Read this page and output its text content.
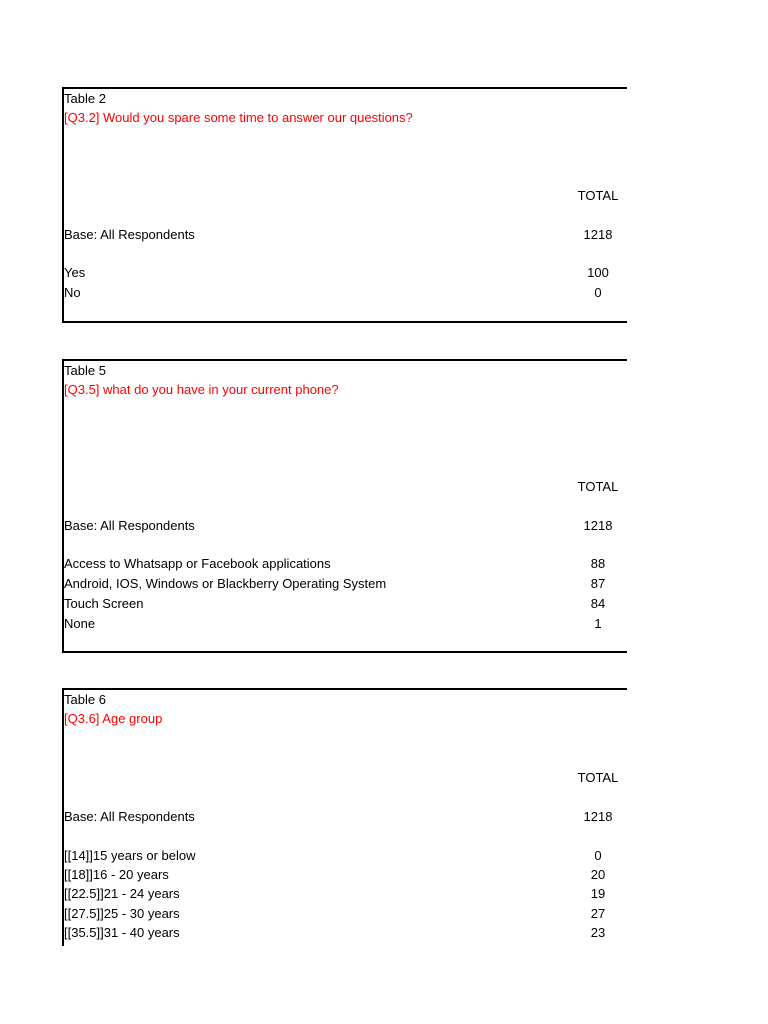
Table 2
[Q3.2] Would you spare some time to answer our questions?
TOTAL
Base: All Respondents	1218
Yes	100
No	0
Table 5
[Q3.5] what do you have in your current phone?
TOTAL
Base: All Respondents	1218
Access to Whatsapp or Facebook applications	88
Android, IOS, Windows or Blackberry Operating System	87
Touch Screen	84
None	1
Table 6
[Q3.6] Age group
TOTAL
Base: All Respondents	1218
[[14]]15 years or below	0
[[18]]16 - 20 years	20
[[22.5]]21 - 24 years	19
[[27.5]]25 - 30 years	27
[[35.5]]31 - 40 years	23
